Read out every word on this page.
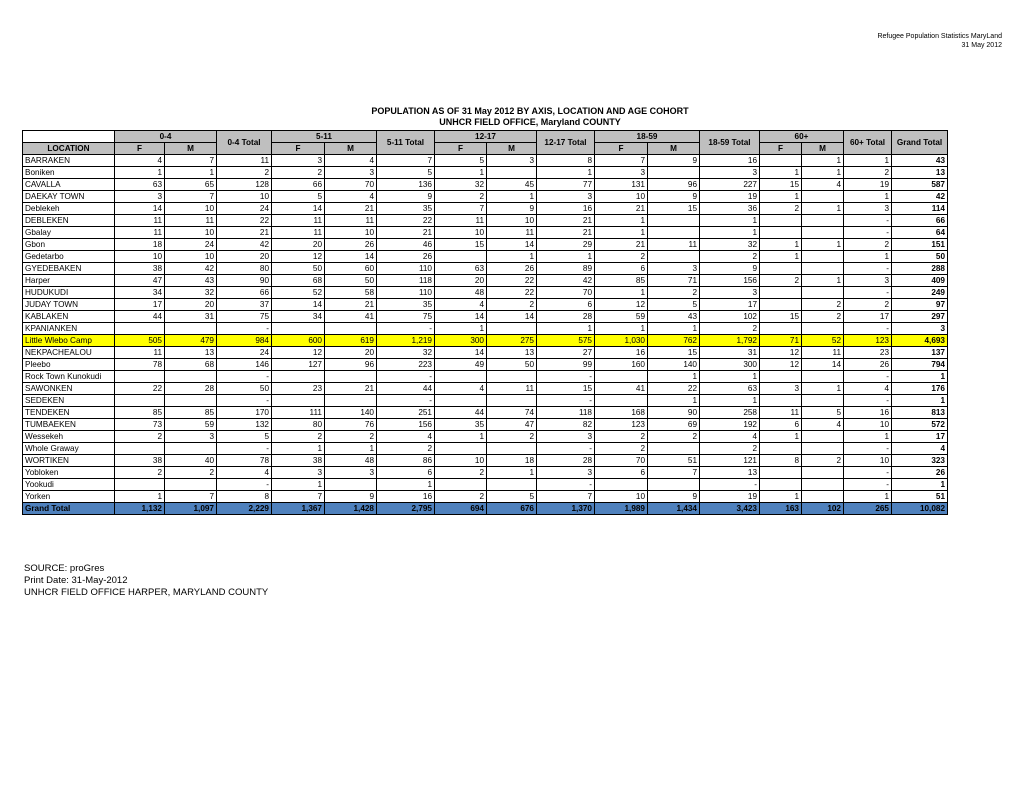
Refugee Population Statistics MaryLand
31 May 2012
POPULATION AS OF 31 May 2012 BY AXIS, LOCATION AND AGE COHORT
UNHCR FIELD OFFICE, Maryland COUNTY
	0-4		0-4 Total	5-11		5-11 Total	12-17		12-17 Total	18-59		18-59 Total	60+		60+ Total	Grand Total
LOCATION	F	M		F	M		F	M		F	M		F	M		
BARRAKEN	4	7	11	3	4	7	5	3	8	7	9	16		1	1	43
Boniken	1	1	2	2	3	5	1		1	3		3	1	1	2	13
CAVALLA	63	65	128	66	70	136	32	45	77	131	96	227	15	4	19	587
DAEKAY TOWN	3	7	10	5	4	9	2	1	3	10	9	19	1		1	42
Deblekeh	14	10	24	14	21	35	7	9	16	21	15	36	2	1	3	114
DEBLEKEN	11	11	22	11	11	22	11	10	21	1		1			-	66
Gbalay	11	10	21	11	10	21	10	11	21	1		1			-	64
Gbon	18	24	42	20	26	46	15	14	29	21	11	32	1	1	2	151
Gedetarbo	10	10	20	12	14	26		1	1	2		2	1		1	50
GYEDEBAKEN	38	42	80	50	60	110	63	26	89	6	3	9			-	288
Harper	47	43	90	68	50	118	20	22	42	85	71	156	2	1	3	409
HUDUKUDI	34	32	66	52	58	110	48	22	70	1	2	3			-	249
JUDAY TOWN	17	20	37	14	21	35	4	2	6	12	5	17		2	2	97
KABLAKEN	44	31	75	34	41	75	14	14	28	59	43	102	15	2	17	297
KPANIANKEN			-			-	1		1	1	1	2			-	3
Little Wlebo Camp	505	479	984	600	619	1,219	300	275	575	1,030	762	1,792	71	52	123	4,693
NEKPACHEALOU	11	13	24	12	20	32	14	13	27	16	15	31	12	11	23	137
Pleebo	78	68	146	127	96	223	49	50	99	160	140	300	12	14	26	794
Rock Town Kunokudi			-			-			-		1	1			-	1
SAWONKEN	22	28	50	23	21	44	4	11	15	41	22	63	3	1	4	176
SEDEKEN			-			-			-		1	1			-	1
TENDEKEN	85	85	170	111	140	251	44	74	118	168	90	258	11	5	16	813
TUMBAEKEN	73	59	132	80	76	156	35	47	82	123	69	192	6	4	10	572
Wessekeh	2	3	5	2	2	4	1	2	3	2	2	4	1		1	17
Whole Graway			-	1	1	2			-	2		2			-	4
WORTIKEN	38	40	78	38	48	86	10	18	28	70	51	121	8	2	10	323
Yobloken	2	2	4	3	3	6	2	1	3	6	7	13			-	26
Yookudi			-	1		1			-			-			-	1
Yorken	1	7	8	7	9	16	2	5	7	10	9	19	1		1	51
Grand Total	1,132	1,097	2,229	1,367	1,428	2,795	694	676	1,370	1,989	1,434	3,423	163	102	265	10,082
SOURCE: proGres
Print Date: 31-May-2012
UNHCR FIELD OFFICE HARPER, MARYLAND COUNTY
